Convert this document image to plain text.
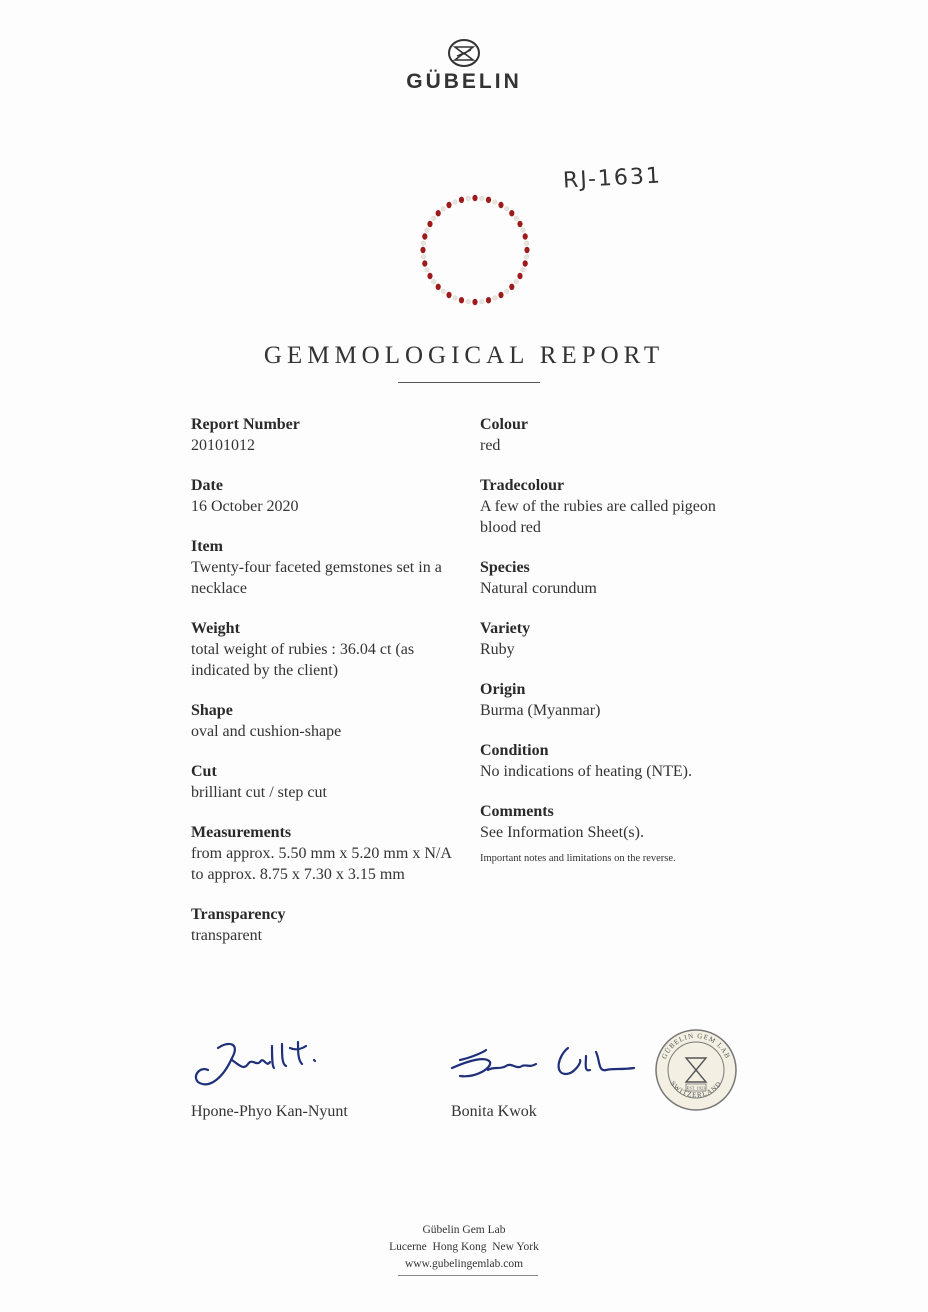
GÜBELIN
RJ-1631
GEMMOLOGICAL REPORT
Report Number
20101012
Date
16 October 2020
Item
Twenty-four faceted gemstones set in a necklace
Weight
total weight of rubies : 36.04 ct (as indicated by the client)
Shape
oval and cushion-shape
Cut
brilliant cut / step cut
Measurements
from approx. 5.50 mm x 5.20 mm x N/A to approx. 8.75 x 7.30 x 3.15 mm
Transparency
transparent
Colour
red
Tradecolour
A few of the rubies are called pigeon blood red
Species
Natural corundum
Variety
Ruby
Origin
Burma (Myanmar)
Condition
No indications of heating (NTE).
Comments
See Information Sheet(s).
Important notes and limitations on the reverse.
Hpone-Phyo Kan-Nyunt	Bonita Kwok
EST. 1923
GÜBELIN GEM LAB
SWITZERLAND
Gübelin Gem Lab
Lucerne  Hong Kong  New York
www.gubelingemlab.com
